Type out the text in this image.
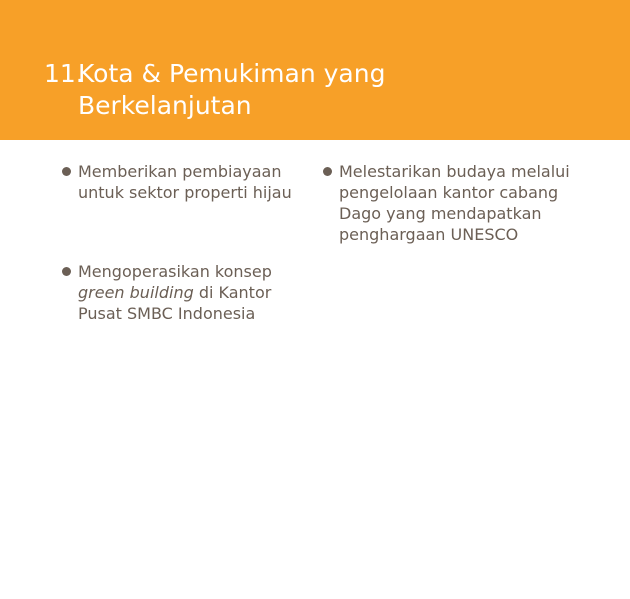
11.
Kota & Pemukiman yang
Berkelanjutan
Memberikan pembiayaan
untuk sektor properti hijau
Mengoperasikan konsep
green building di Kantor
Pusat SMBC Indonesia
Melestarikan budaya melalui
pengelolaan kantor cabang
Dago yang mendapatkan
penghargaan UNESCO
